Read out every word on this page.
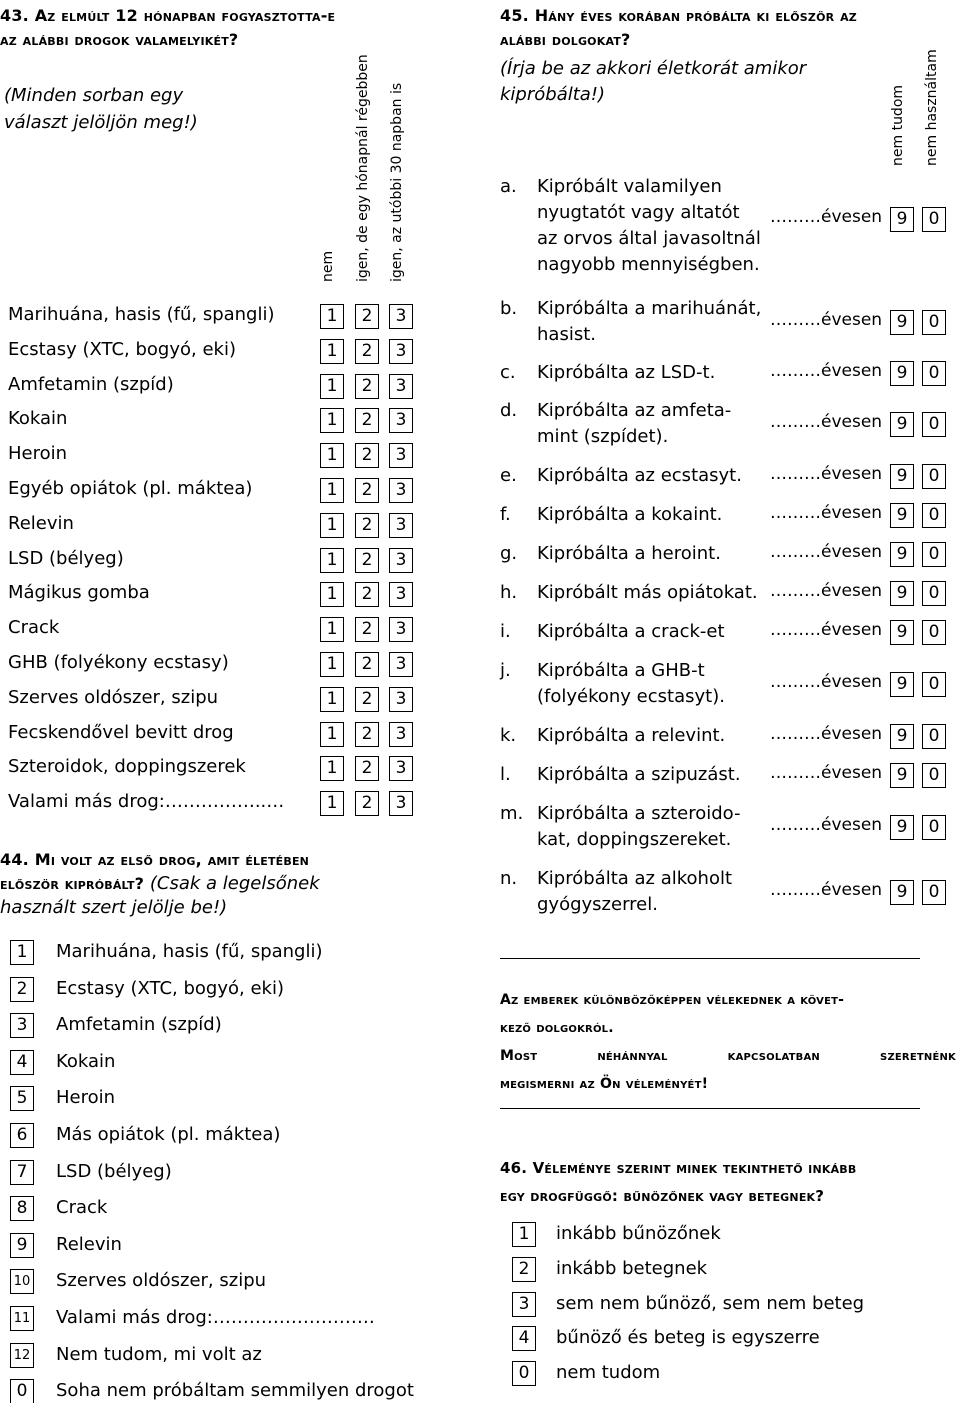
43. Az elmúlt 12 hónapban fogyasztotta-e
az alábbi drogok valamelyikét?
(Minden sorban egy
választ jelöljön meg!)
nem igen, de egy hónapnál régebben igen, az utóbbi 30 napban is
Marihuána, hasis (fű, spangli)	1	2	3
Ecstasy (XTC, bogyó, eki)	1	2	3
Amfetamin (szpíd)	1	2	3
Kokain	1	2	3
Heroin	1	2	3
Egyéb opiátok (pl. máktea)	1	2	3
Relevin	1	2	3
LSD (bélyeg)	1	2	3
Mágikus gomba	1	2	3
Crack	1	2	3
GHB (folyékony ecstasy)	1	2	3
Szerves oldószer, szipu	1	2	3
Fecskendővel bevitt drog	1	2	3
Szteroidok, doppingszerek	1	2	3
Valami más drog:……………..…	1	2	3
44. Mi volt az első drog, amit életében
először kipróbált? (Csak a legelsőnek
használt szert jelölje be!)
1	Marihuána, hasis (fű, spangli)
2	Ecstasy (XTC, bogyó, eki)
3	Amfetamin (szpíd)
4	Kokain
5	Heroin
6	Más opiátok (pl. máktea)
7	LSD (bélyeg)
8	Crack
9	Relevin
10 Szerves oldószer, szipu
11 Valami más drog:………………………
12 Nem tudom, mi volt az
0	Soha nem próbáltam semmilyen drogot
45. Hány éves korában próbálta ki először az
alábbi dolgokat?
(Írja be az akkori életkorát amikor
kipróbálta!)	nem tudom nem használtam
a. Kipróbált valamilyen
nyugtatót vagy altatót
az orvos által javasoltnál
nagyobb mennyiségben.
………évesen 9	0
b. Kipróbálta a marihuánát,
hasist.
………évesen 9	0
c. Kipróbálta az LSD-t.	………évesen 9	0
d. Kipróbálta az amfeta-
mint (szpídet).
………évesen 9	0
e. Kipróbálta az ecstasyt.	………évesen 9	0
f. Kipróbálta a kokaint.	………évesen 9	0
g. Kipróbálta a heroint.	………évesen 9	0
h. Kipróbált más opiátokat. ………évesen 9	0
i. Kipróbálta a crack-et	………évesen 9	0
j. Kipróbálta a GHB-t
(folyékony ecstasyt).
………évesen 9	0
k. Kipróbálta a relevint.	………évesen 9	0
l. Kipróbálta a szipuzást.	………évesen 9	0
m. Kipróbálta a szteroido-
kat, doppingszereket.
………évesen 9	0
n. Kipróbálta az alkoholt
gyógyszerrel.
………évesen 9	0
Az emberek különbözőképpen vélekednek a követ-
kező dolgokról.
Most néhánnyal kapcsolatban szeretnénk
megismerni az Ön véleményét!
46. Véleménye szerint minek tekinthető inkább
egy drogfüggő: bűnözőnek vagy betegnek?
1	inkább bűnözőnek
2	inkább betegnek
3	sem nem bűnöző, sem nem beteg
4	bűnöző és beteg is egyszerre
0	nem tudom
